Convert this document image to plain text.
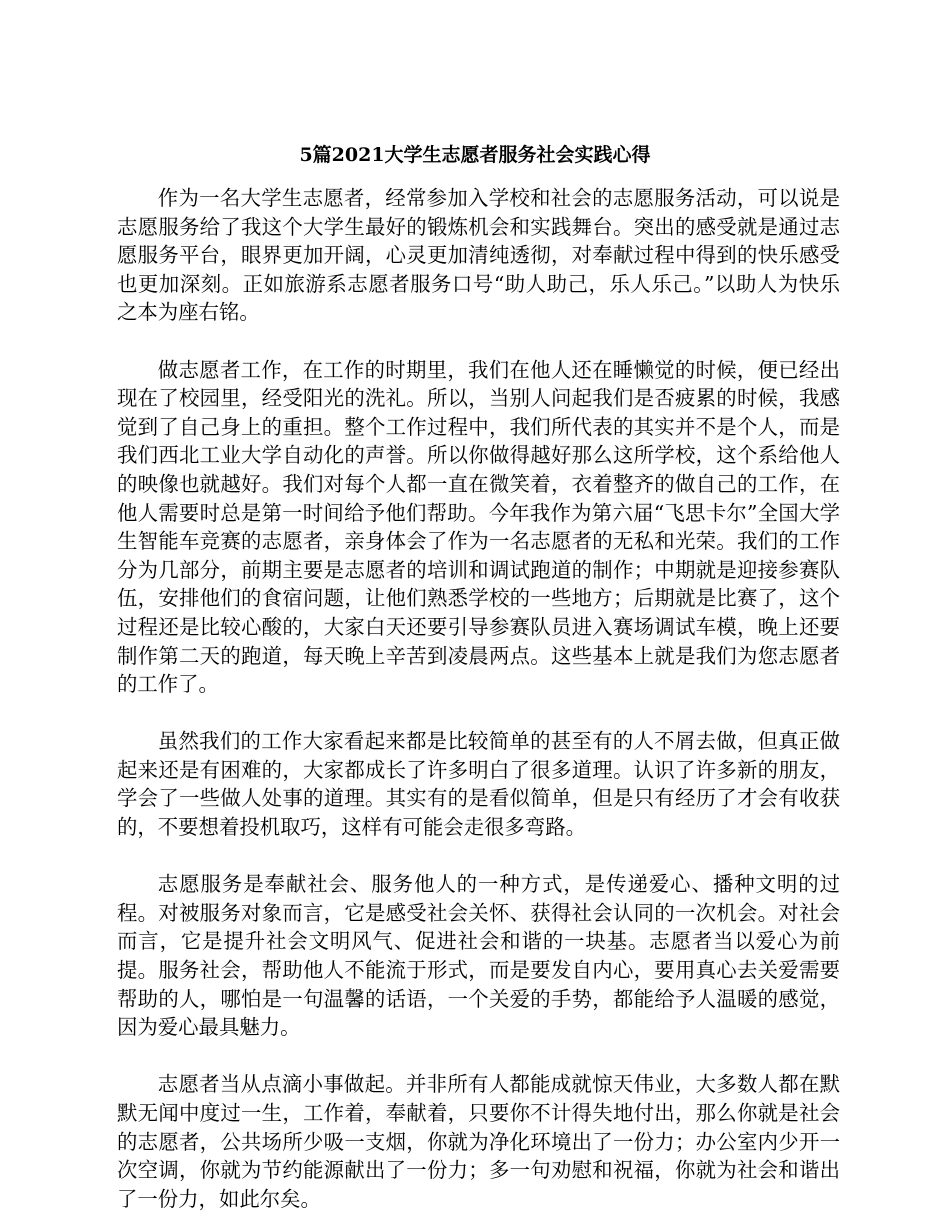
5篇2021大学生志愿者服务社会实践心得

作为一名大学生志愿者，经常参加入学校和社会的志愿服务活动，可以说是志愿服务给了我这个大学生最好的锻炼机会和实践舞台。突出的感受就是通过志愿服务平台，眼界更加开阔，心灵更加清纯透彻，对奉献过程中得到的快乐感受也更加深刻。正如旅游系志愿者服务口号“助人助己，乐人乐己。”以助人为快乐之本为座右铭。

做志愿者工作，在工作的时期里，我们在他人还在睡懒觉的时候，便已经出现在了校园里，经受阳光的洗礼。所以，当别人问起我们是否疲累的时候，我感觉到了自己身上的重担。整个工作过程中，我们所代表的其实并不是个人，而是我们西北工业大学自动化的声誉。所以你做得越好那么这所学校，这个系给他人的映像也就越好。我们对每个人都一直在微笑着，衣着整齐的做自己的工作，在他人需要时总是第一时间给予他们帮助。今年我作为第六届“飞思卡尔”全国大学生智能车竞赛的志愿者，亲身体会了作为一名志愿者的无私和光荣。我们的工作分为几部分，前期主要是志愿者的培训和调试跑道的制作；中期就是迎接参赛队伍，安排他们的食宿问题，让他们熟悉学校的一些地方；后期就是比赛了，这个过程还是比较心酸的，大家白天还要引导参赛队员进入赛场调试车模，晚上还要制作第二天的跑道，每天晚上辛苦到凌晨两点。这些基本上就是我们为您志愿者的工作了。

虽然我们的工作大家看起来都是比较简单的甚至有的人不屑去做，但真正做起来还是有困难的，大家都成长了许多明白了很多道理。认识了许多新的朋友，学会了一些做人处事的道理。其实有的是看似简单，但是只有经历了才会有收获的，不要想着投机取巧，这样有可能会走很多弯路。

志愿服务是奉献社会、服务他人的一种方式，是传递爱心、播种文明的过程。对被服务对象而言，它是感受社会关怀、获得社会认同的一次机会。对社会而言，它是提升社会文明风气、促进社会和谐的一块基。志愿者当以爱心为前提。服务社会，帮助他人不能流于形式，而是要发自内心，要用真心去关爱需要帮助的人，哪怕是一句温馨的话语，一个关爱的手势，都能给予人温暖的感觉，因为爱心最具魅力。

志愿者当从点滴小事做起。并非所有人都能成就惊天伟业，大多数人都在默默无闻中度过一生，工作着，奉献着，只要你不计得失地付出，那么你就是社会的志愿者，公共场所少吸一支烟，你就为净化环境出了一份力；办公室内少开一次空调，你就为节约能源献出了一份力；多一句劝慰和祝福，你就为社会和谐出了一份力，如此尔矣。
